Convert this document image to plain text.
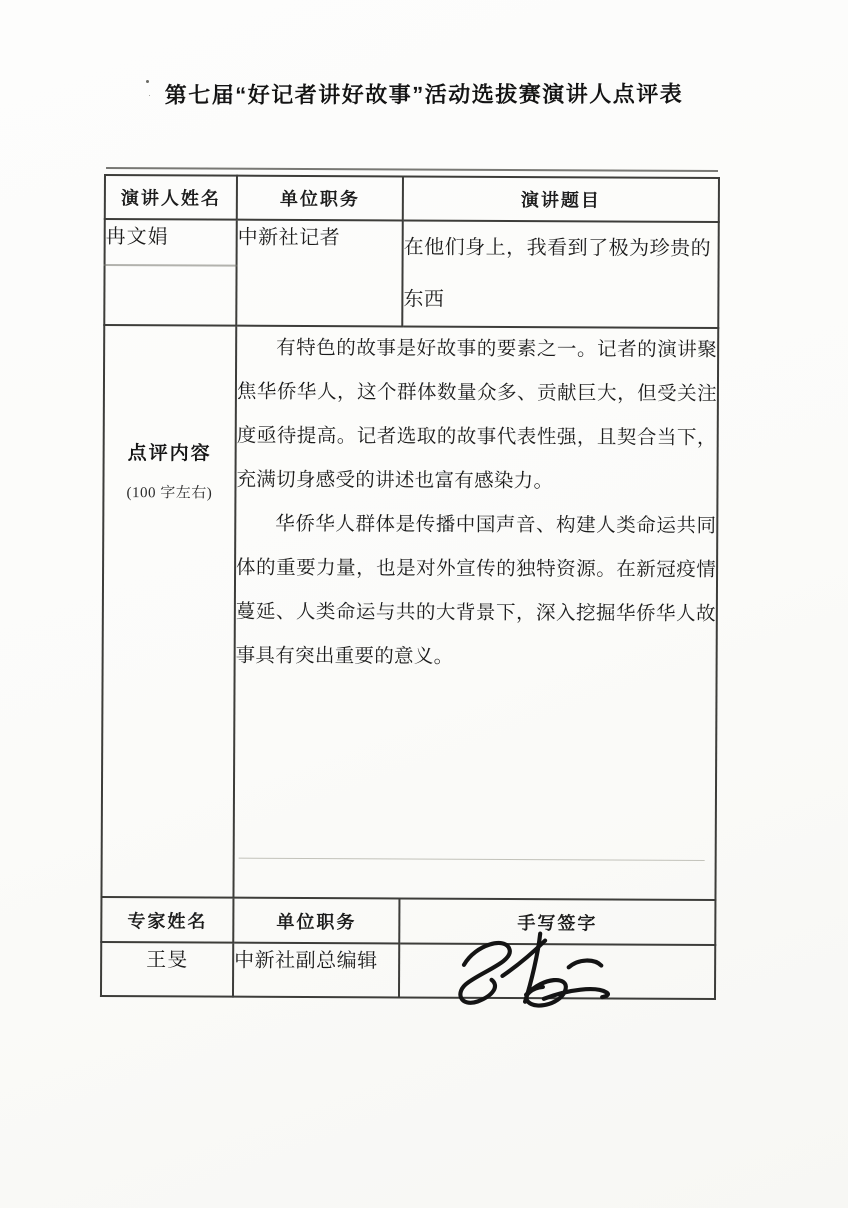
第七届“好记者讲好故事”活动选拔赛演讲人点评表
演讲人姓名	单位职务	演讲题目
冉文娟	中新社记者	在他们身上，我看到了极为珍贵的东西

点评内容
(100 字左右)

有特色的故事是好故事的要素之一。记者的演讲聚焦华侨华人，这个群体数量众多、贡献巨大，但受关注度亟待提高。记者选取的故事代表性强，且契合当下，充满切身感受的讲述也富有感染力。

华侨华人群体是传播中国声音、构建人类命运共同体的重要力量，也是对外宣传的独特资源。在新冠疫情蔓延、人类命运与共的大背景下，深入挖掘华侨华人故事具有突出重要的意义。

专家姓名	单位职务	手写签字
王旻	中新社副总编辑	
